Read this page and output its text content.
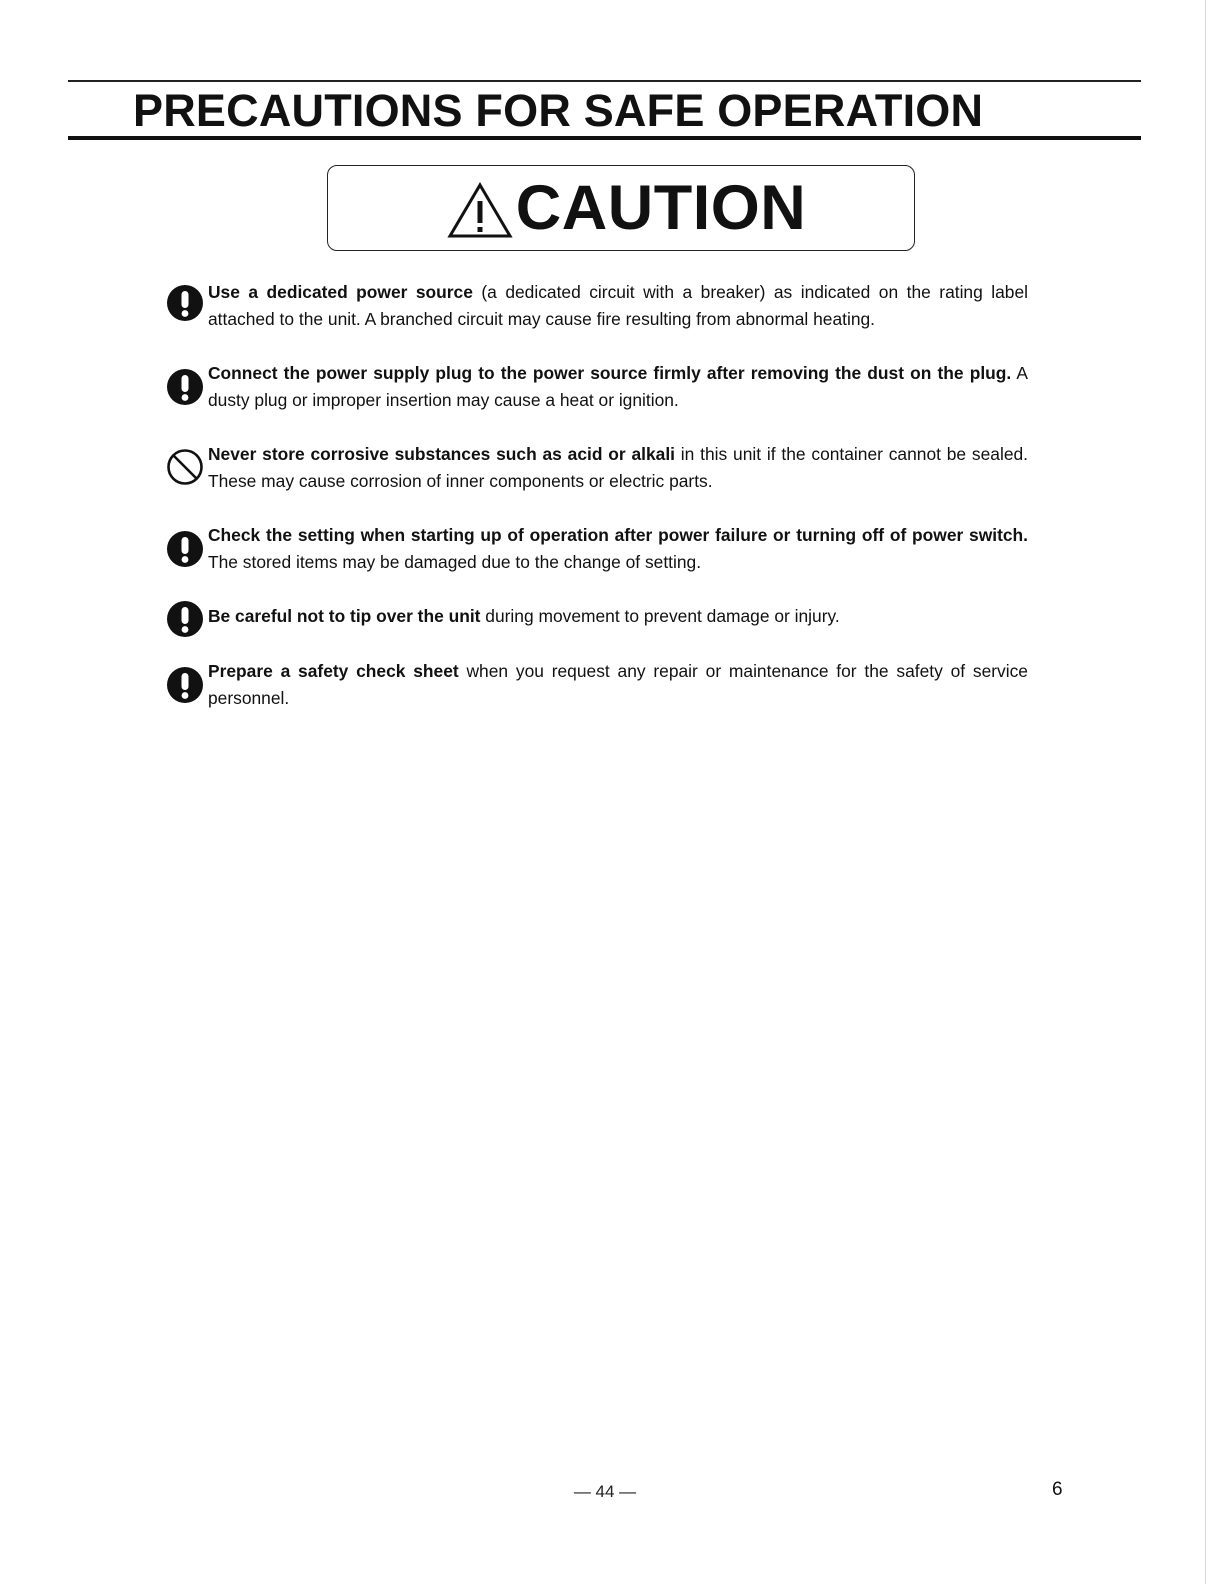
PRECAUTIONS FOR SAFE OPERATION
CAUTION

Use a dedicated power source (a dedicated circuit with a breaker) as indicated on the rating label attached to the unit. A branched circuit may cause fire resulting from abnormal heating.

Connect the power supply plug to the power source firmly after removing the dust on the plug. A dusty plug or improper insertion may cause a heat or ignition.

Never store corrosive substances such as acid or alkali in this unit if the container cannot be sealed. These may cause corrosion of inner components or electric parts.

Check the setting when starting up of operation after power failure or turning off of power switch. The stored items may be damaged due to the change of setting.

Be careful not to tip over the unit during movement to prevent damage or injury.

Prepare a safety check sheet when you request any repair or maintenance for the safety of service personnel.

— 44 —	6
